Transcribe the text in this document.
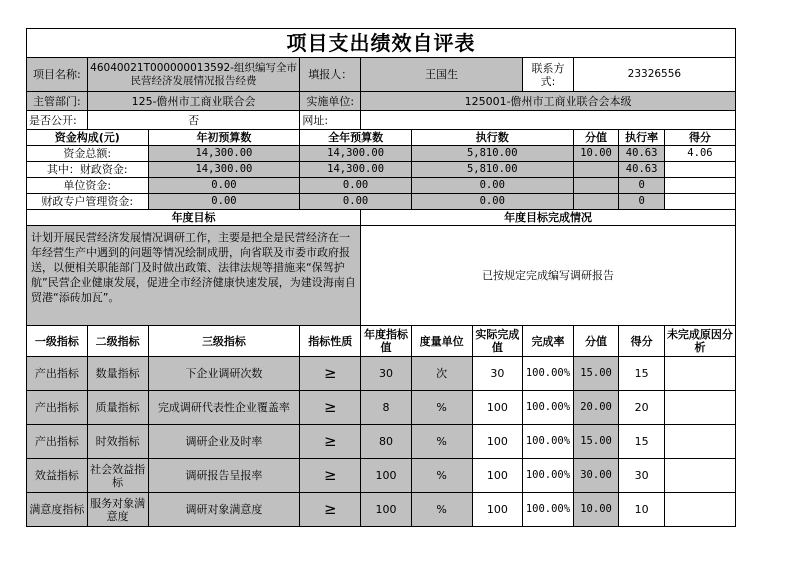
项目支出绩效自评表										
项目名称:	46040021T000000013592-组织编写全市民营经济发展情况报告经费		填报人：	王国生			联系方式:	23326556		
主管部门:	125-儋州市工商业联合会		实施单位:	125001-儋州市工商业联合会本级						
是否公开:	否		网址:							
资金构成(元)		年初预算数	全年预算数		执行数			分值	执行率	得分
资金总额:		14,300.00	14,300.00		5,810.00			10.00	40.63	4.06
其中：财政资金:		14,300.00	14,300.00		5,810.00				40.63	
单位资金:		0.00	0.00		0.00				0	
财政专户管理资金:		0.00	0.00		0.00				0	
年度目标				年度目标完成情况						
计划开展民营经济发展情况调研工作，主要是把全是民营经济在一年经营生产中遇到的问题等情况绘制成册，向省联及市委市政府报送，以便相关职能部门及时做出政策、法律法规等措施来“保驾护航”民营企业健康发展，促进全市经济健康快速发展，为建设海南自贸港“添砖加瓦”。				已按规定完成编写调研报告						
一级指标	二级指标	三级指标	指标性质	年度指标值	度量单位	实际完成值	完成率	分值	得分	未完成原因分析
产出指标	数量指标	下企业调研次数	≥	30	次	30	100.00%	15.00	15	
产出指标	质量指标	完成调研代表性企业覆盖率	≥	8	%	100	100.00%	20.00	20	
产出指标	时效指标	调研企业及时率	≥	80	%	100	100.00%	15.00	15	
效益指标	社会效益指标	调研报告呈报率	≥	100	%	100	100.00%	30.00	30	
满意度指标	服务对象满意度	调研对象满意度	≥	100	%	100	100.00%	10.00	10	
